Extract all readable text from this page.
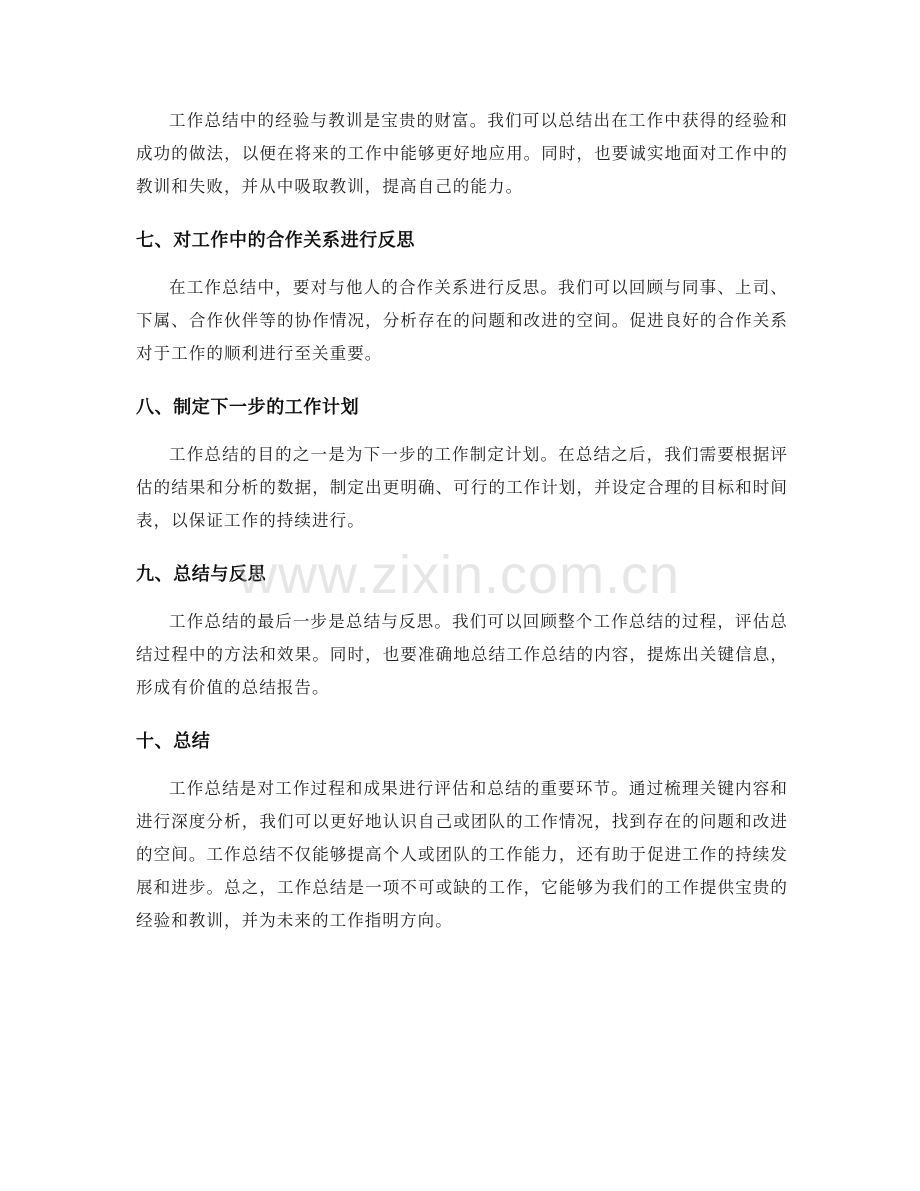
工作总结中的经验与教训是宝贵的财富。我们可以总结出在工作中获得的经验和成功的做法，以便在将来的工作中能够更好地应用。同时，也要诚实地面对工作中的教训和失败，并从中吸取教训，提高自己的能力。

七、对工作中的合作关系进行反思

在工作总结中，要对与他人的合作关系进行反思。我们可以回顾与同事、上司、下属、合作伙伴等的协作情况，分析存在的问题和改进的空间。促进良好的合作关系对于工作的顺利进行至关重要。

八、制定下一步的工作计划

工作总结的目的之一是为下一步的工作制定计划。在总结之后，我们需要根据评估的结果和分析的数据，制定出更明确、可行的工作计划，并设定合理的目标和时间表，以保证工作的持续进行。

九、总结与反思

工作总结的最后一步是总结与反思。我们可以回顾整个工作总结的过程，评估总结过程中的方法和效果。同时，也要准确地总结工作总结的内容，提炼出关键信息，形成有价值的总结报告。

十、总结

工作总结是对工作过程和成果进行评估和总结的重要环节。通过梳理关键内容和进行深度分析，我们可以更好地认识自己或团队的工作情况，找到存在的问题和改进的空间。工作总结不仅能够提高个人或团队的工作能力，还有助于促进工作的持续发展和进步。总之，工作总结是一项不可或缺的工作，它能够为我们的工作提供宝贵的经验和教训，并为未来的工作指明方向。

www.zixin.com.cn
